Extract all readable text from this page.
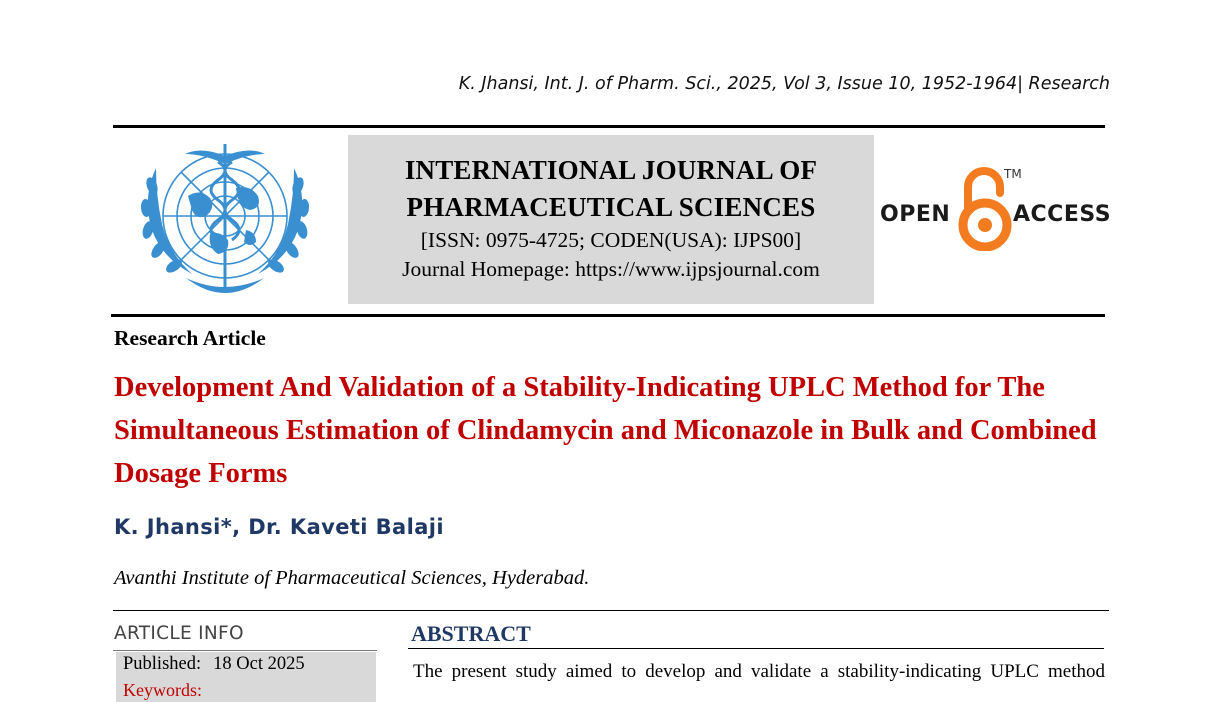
K. Jhansi, Int. J. of Pharm. Sci., 2025, Vol 3, Issue 10, 1952-1964| Research
INTERNATIONAL JOURNAL OF
PHARMACEUTICAL SCIENCES
[ISSN: 0975-4725; CODEN(USA): IJPS00]
Journal Homepage: https://www.ijpsjournal.com
OPEN
TM
ACCESS
Research Article
Development And Validation of a Stability-Indicating UPLC Method for The Simultaneous Estimation of Clindamycin and Miconazole in Bulk and Combined Dosage Forms
K. Jhansi*, Dr. Kaveti Balaji
Avanthi Institute of Pharmaceutical Sciences, Hyderabad.
ARTICLE INFO
Published: 18 Oct 2025
Keywords:
ABSTRACT
The present study aimed to develop and validate a stability-indicating UPLC method
